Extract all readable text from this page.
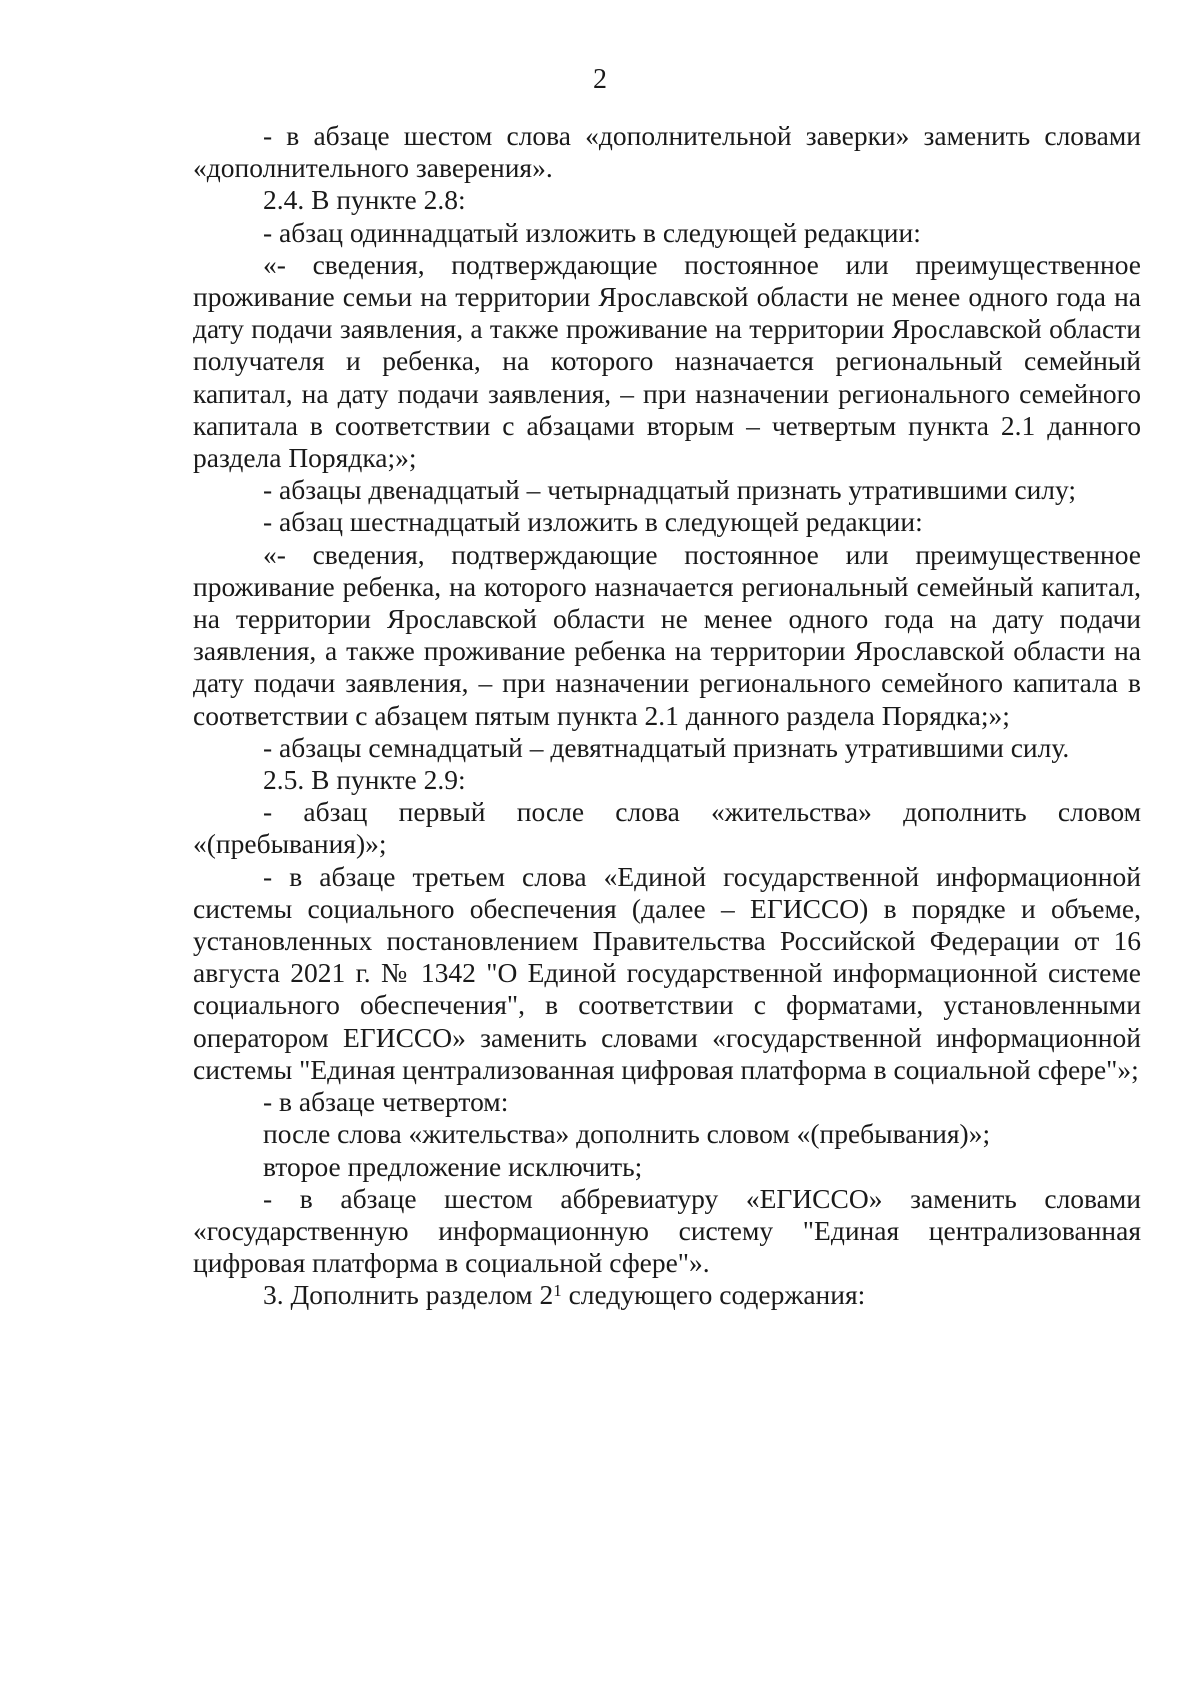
2

- в абзаце шестом слова «дополнительной заверки» заменить словами «дополнительного заверения».

2.4. В пункте 2.8:

- абзац одиннадцатый изложить в следующей редакции:

«- сведения, подтверждающие постоянное или преимущественное проживание семьи на территории Ярославской области не менее одного года на дату подачи заявления, а также проживание на территории Ярославской области получателя и ребенка, на которого назначается региональный семейный капитал, на дату подачи заявления, – при назначении регионального семейного капитала в соответствии с абзацами вторым – четвертым пункта 2.1 данного раздела Порядка;»;

- абзацы двенадцатый – четырнадцатый признать утратившими силу;

- абзац шестнадцатый изложить в следующей редакции:

«- сведения, подтверждающие постоянное или преимущественное проживание ребенка, на которого назначается региональный семейный капитал, на территории Ярославской области не менее одного года на дату подачи заявления, а также проживание ребенка на территории Ярославской области на дату подачи заявления, – при назначении регионального семейного капитала в соответствии с абзацем пятым пункта 2.1 данного раздела Порядка;»;

- абзацы семнадцатый – девятнадцатый признать утратившими силу.

2.5. В пункте 2.9:

- абзац первый после слова «жительства» дополнить словом «(пребывания)»;

- в абзаце третьем слова «Единой государственной информационной системы социального обеспечения (далее – ЕГИССО) в порядке и объеме, установленных постановлением Правительства Российской Федерации от 16 августа 2021 г. № 1342 "О Единой государственной информационной системе социального обеспечения", в соответствии с форматами, установленными оператором ЕГИССО» заменить словами «государственной информационной системы "Единая централизованная цифровая платформа в социальной сфере"»;

- в абзаце четвертом:

после слова «жительства» дополнить словом «(пребывания)»;

второе предложение исключить;

- в абзаце шестом аббревиатуру «ЕГИССО» заменить словами «государственную информационную систему "Единая централизованная цифровая платформа в социальной сфере"».

3. Дополнить разделом $2^1$ следующего содержания:
